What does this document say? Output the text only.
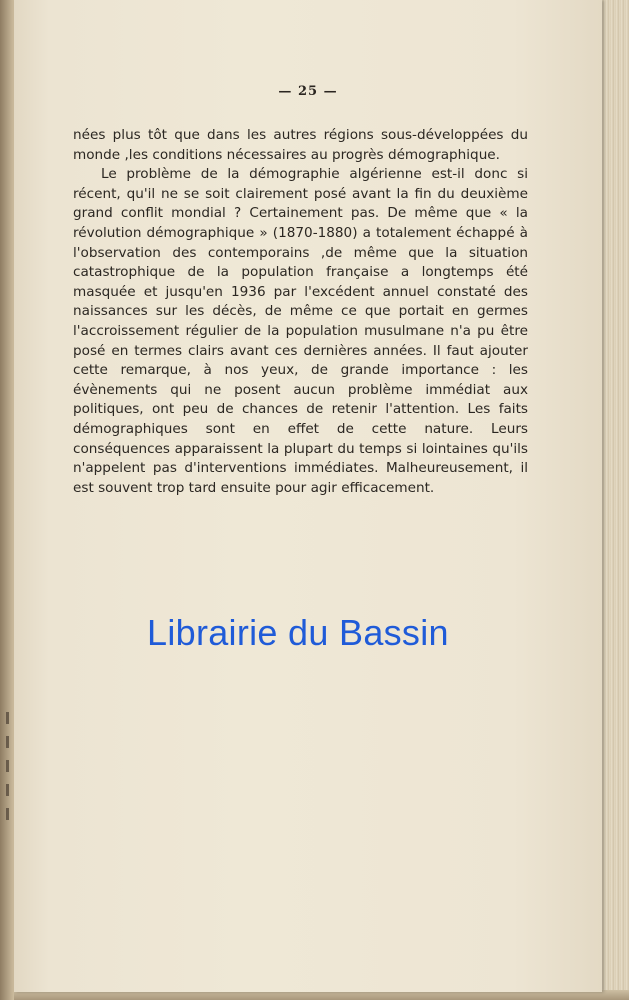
— 25 —

nées plus tôt que dans les autres régions sous-développées du monde ,les conditions nécessaires au progrès démographique.

Le problème de la démographie algérienne est-il donc si récent, qu'il ne se soit clairement posé avant la fin du deuxième grand conflit mondial ? Certainement pas. De même que « la révolution démographique » (1870-1880) a totalement échappé à l'observation des contemporains ,de même que la situation catastrophique de la population française a longtemps été masquée et jusqu'en 1936 par l'excédent annuel constaté des naissances sur les décès, de même ce que portait en germes l'accroissement régulier de la population musulmane n'a pu être posé en termes clairs avant ces dernières années. Il faut ajouter cette remarque, à nos yeux, de grande importance : les évènements qui ne posent aucun problème immédiat aux politiques, ont peu de chances de retenir l'attention. Les faits démographiques sont en effet de cette nature. Leurs conséquences apparaissent la plupart du temps si lointaines qu'ils n'appelent pas d'interventions immédiates. Malheureusement, il est souvent trop tard ensuite pour agir efficacement.

Librairie du Bassin
